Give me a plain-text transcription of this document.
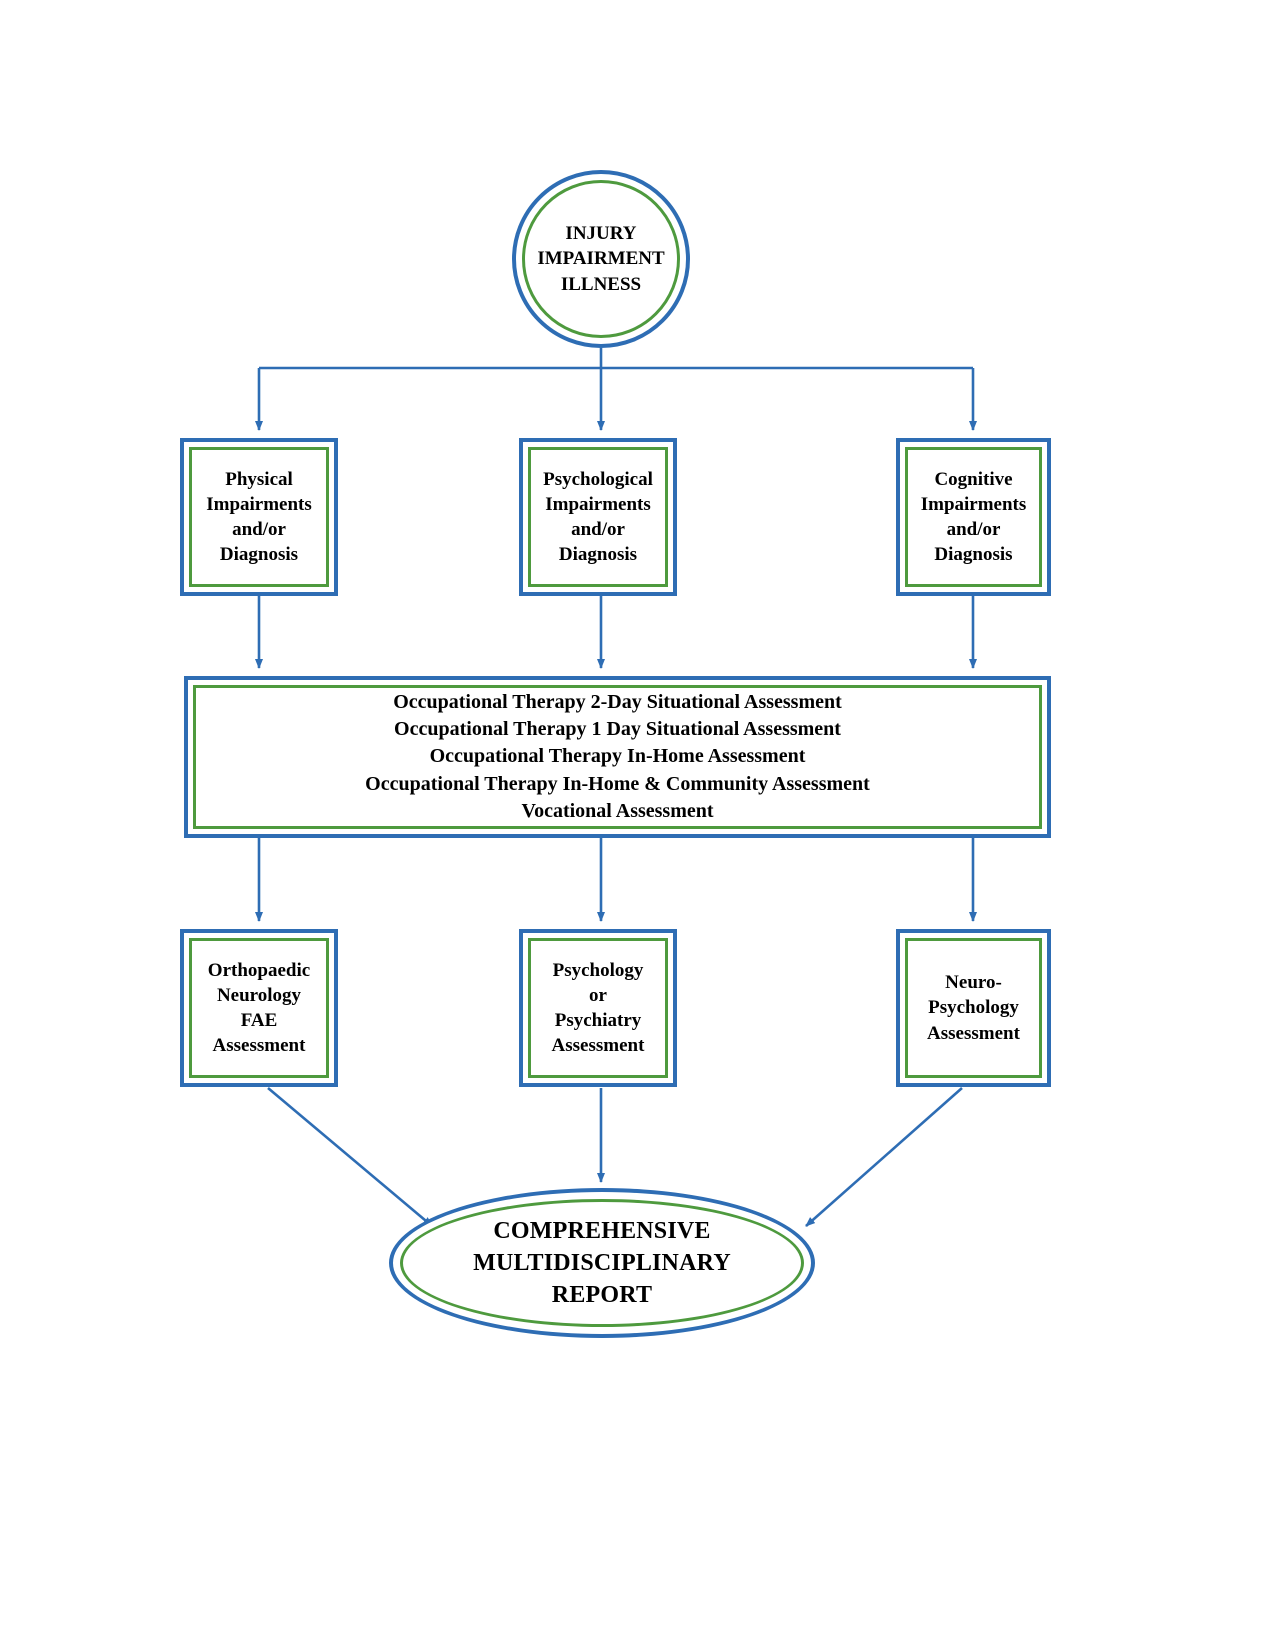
INJURY
IMPAIRMENT
ILLNESS
Physical
Impairments
and/or
Diagnosis
Psychological
Impairments
and/or
Diagnosis
Cognitive
Impairments
and/or
Diagnosis
Occupational Therapy 2-Day Situational Assessment
Occupational Therapy 1 Day Situational Assessment
Occupational Therapy In-Home Assessment
Occupational Therapy In-Home & Community Assessment
Vocational Assessment
Orthopaedic
Neurology
FAE
Assessment
Psychology
or
Psychiatry
Assessment
Neuro-
Psychology
Assessment
COMPREHENSIVE
MULTIDISCIPLINARY
REPORT
